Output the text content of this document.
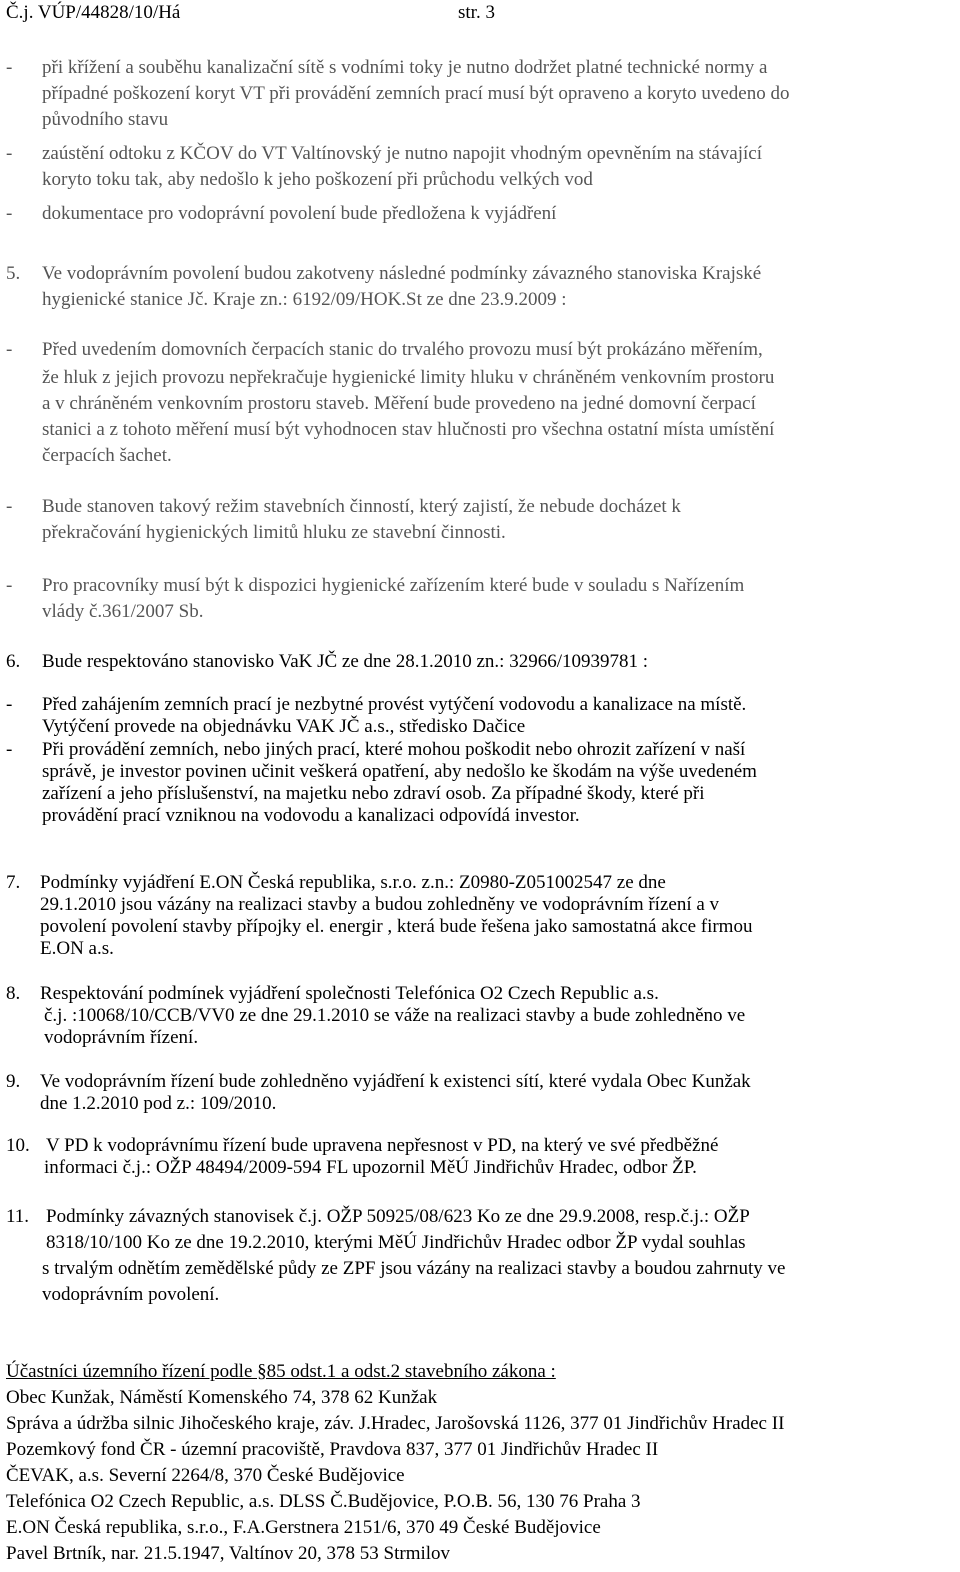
Č.j. VÚP/44828/10/Há	str. 3
- při křížení a souběhu kanalizační sítě s vodními toky je nutno dodržet platné technické normy a
případné poškození koryt VT při provádění zemních prací musí být opraveno a koryto uvedeno do
původního stavu
- zaústění odtoku z KČOV do VT Valtínovský je nutno napojit vhodným opevněním na stávající
koryto toku tak, aby nedošlo k jeho poškození při průchodu velkých vod
- dokumentace pro vodoprávní povolení bude předložena k vyjádření
5. Ve vodoprávním povolení budou zakotveny následné podmínky závazného stanoviska Krajské
hygienické stanice Jč. Kraje zn.: 6192/09/HOK.St ze dne 23.9.2009 :
- Před uvedením domovních čerpacích stanic do trvalého provozu musí být prokázáno měřením,
že hluk z jejich provozu nepřekračuje hygienické limity hluku v chráněném venkovním prostoru
a v chráněném venkovním prostoru staveb. Měření bude provedeno na jedné domovní čerpací
stanici a z tohoto měření musí být vyhodnocen stav hlučnosti pro všechna ostatní místa umístění
čerpacích šachet.
- Bude stanoven takový režim stavebních činností, který zajistí, že nebude docházet k
překračování hygienických limitů hluku ze stavební činnosti.
- Pro pracovníky musí být k dispozici hygienické zařízením které bude v souladu s Nařízením
vlády č.361/2007 Sb.
6. Bude respektováno stanovisko VaK JČ ze dne 28.1.2010 zn.: 32966/10939781 :
- Před zahájením zemních prací je nezbytné provést vytýčení vodovodu a kanalizace na místě.
Vytýčení provede na objednávku VAK JČ a.s., středisko Dačice
- Při provádění zemních, nebo jiných prací, které mohou poškodit nebo ohrozit zařízení v naší
správě, je investor povinen učinit veškerá opatření, aby nedošlo ke škodám na výše uvedeném
zařízení a jeho příslušenství, na majetku nebo zdraví osob. Za případné škody, které při
provádění prací vzniknou na vodovodu a kanalizaci odpovídá investor.
7. Podmínky vyjádření E.ON Česká republika, s.r.o. z.n.: Z0980-Z051002547 ze dne
29.1.2010 jsou vázány na realizaci stavby a budou zohledněny ve vodoprávním řízení a v
povolení povolení stavby přípojky el. energir , která bude řešena jako samostatná akce firmou
E.ON a.s.
8. Respektování podmínek vyjádření společnosti Telefónica O2 Czech Republic a.s.
č.j. :10068/10/CCB/VV0 ze dne 29.1.2010 se váže na realizaci stavby a bude zohledněno ve
vodoprávním řízení.
9. Ve vodoprávním řízení bude zohledněno vyjádření k existenci sítí, které vydala Obec Kunžak
dne 1.2.2010 pod z.: 109/2010.
10. V PD k vodoprávnímu řízení bude upravena nepřesnost v PD, na který ve své předběžné
informaci č.j.: OŽP 48494/2009-594 FL upozornil MěÚ Jindřichův Hradec, odbor ŽP.
11. Podmínky závazných stanovisek č.j. OŽP 50925/08/623 Ko ze dne 29.9.2008, resp.č.j.: OŽP
8318/10/100 Ko ze dne 19.2.2010, kterými MěÚ Jindřichův Hradec odbor ŽP vydal souhlas
s trvalým odnětím zemědělské půdy ze ZPF jsou vázány na realizaci stavby a boudou zahrnuty ve
vodoprávním povolení.
Účastníci územního řízení podle §85 odst.1 a odst.2 stavebního zákona :
Obec Kunžak, Náměstí Komenského 74, 378 62 Kunžak
Správa a údržba silnic Jihočeského kraje, záv. J.Hradec, Jarošovská 1126, 377 01 Jindřichův Hradec II
Pozemkový fond ČR - územní pracoviště, Pravdova 837, 377 01 Jindřichův Hradec II
ČEVAK, a.s. Severní 2264/8, 370 České Budějovice
Telefónica O2 Czech Republic, a.s. DLSS Č.Budějovice, P.O.B. 56, 130 76 Praha 3
E.ON Česká republika, s.r.o., F.A.Gerstnera 2151/6, 370 49 České Budějovice
Pavel Brtník, nar. 21.5.1947, Valtínov 20, 378 53 Strmilov
